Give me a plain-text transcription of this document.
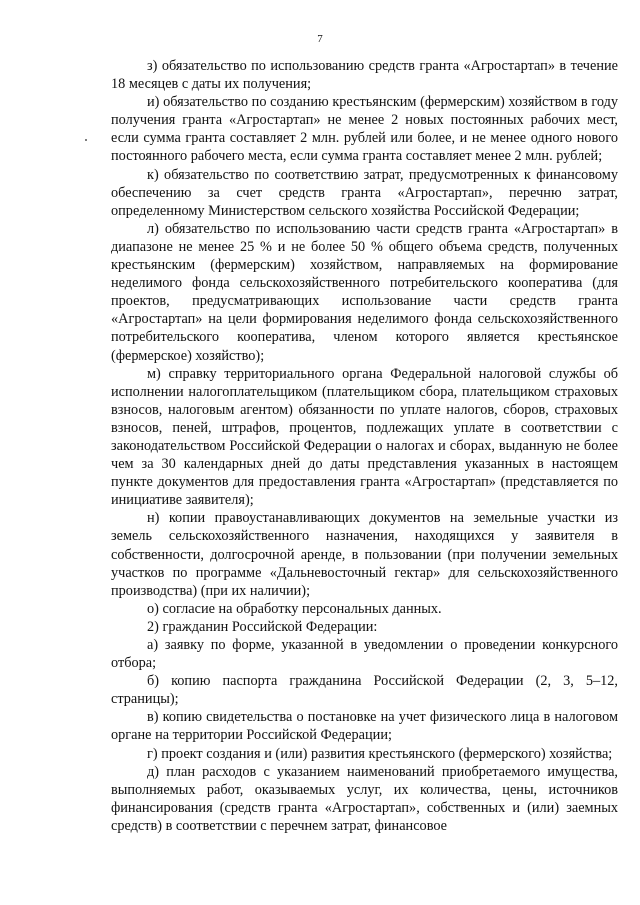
7

з) обязательство по использованию средств гранта «Агростартап» в течение 18 месяцев с даты их получения;

и) обязательство по созданию крестьянским (фермерским) хозяйством в году получения гранта «Агростартап» не менее 2 новых постоянных рабочих мест, если сумма гранта составляет 2 млн. рублей или более, и не менее одного нового постоянного рабочего места, если сумма гранта составляет менее 2 млн. рублей;

к) обязательство по соответствию затрат, предусмотренных к финансовому обеспечению за счет средств гранта «Агростартап», перечню затрат, определенному Министерством сельского хозяйства Российской Федерации;

л) обязательство по использованию части средств гранта «Агростартап» в диапазоне не менее 25 % и не более 50 % общего объема средств, полученных крестьянским (фермерским) хозяйством, направляемых на формирование неделимого фонда сельскохозяйственного потребительского кооператива (для проектов, предусматривающих использование части средств гранта «Агростартап» на цели формирования неделимого фонда сельскохозяйственного потребительского кооператива, членом которого является крестьянское (фермерское) хозяйство);

м) справку территориального органа Федеральной налоговой службы об исполнении налогоплательщиком (плательщиком сбора, плательщиком страховых взносов, налоговым агентом) обязанности по уплате налогов, сборов, страховых взносов, пеней, штрафов, процентов, подлежащих уплате в соответствии с законодательством Российской Федерации о налогах и сборах, выданную не более чем за 30 календарных дней до даты представления указанных в настоящем пункте документов для предоставления гранта «Агростартап» (представляется по инициативе заявителя);

н) копии правоустанавливающих документов на земельные участки из земель сельскохозяйственного назначения, находящихся у заявителя в собственности, долгосрочной аренде, в пользовании (при получении земельных участков по программе «Дальневосточный гектар» для сельскохозяйственного производства) (при их наличии);

о) согласие на обработку персональных данных.

2) гражданин Российской Федерации:

а) заявку по форме, указанной в уведомлении о проведении конкурсного отбора;

б) копию паспорта гражданина Российской Федерации (2, 3, 5–12, страницы);

в) копию свидетельства о постановке на учет физического лица в налоговом органе на территории Российской Федерации;

г) проект создания и (или) развития крестьянского (фермерского) хозяйства;

д) план расходов с указанием наименований приобретаемого имущества, выполняемых работ, оказываемых услуг, их количества, цены, источников финансирования (средств гранта «Агростартап», собственных и (или) заемных средств) в соответствии с перечнем затрат, финансовое
